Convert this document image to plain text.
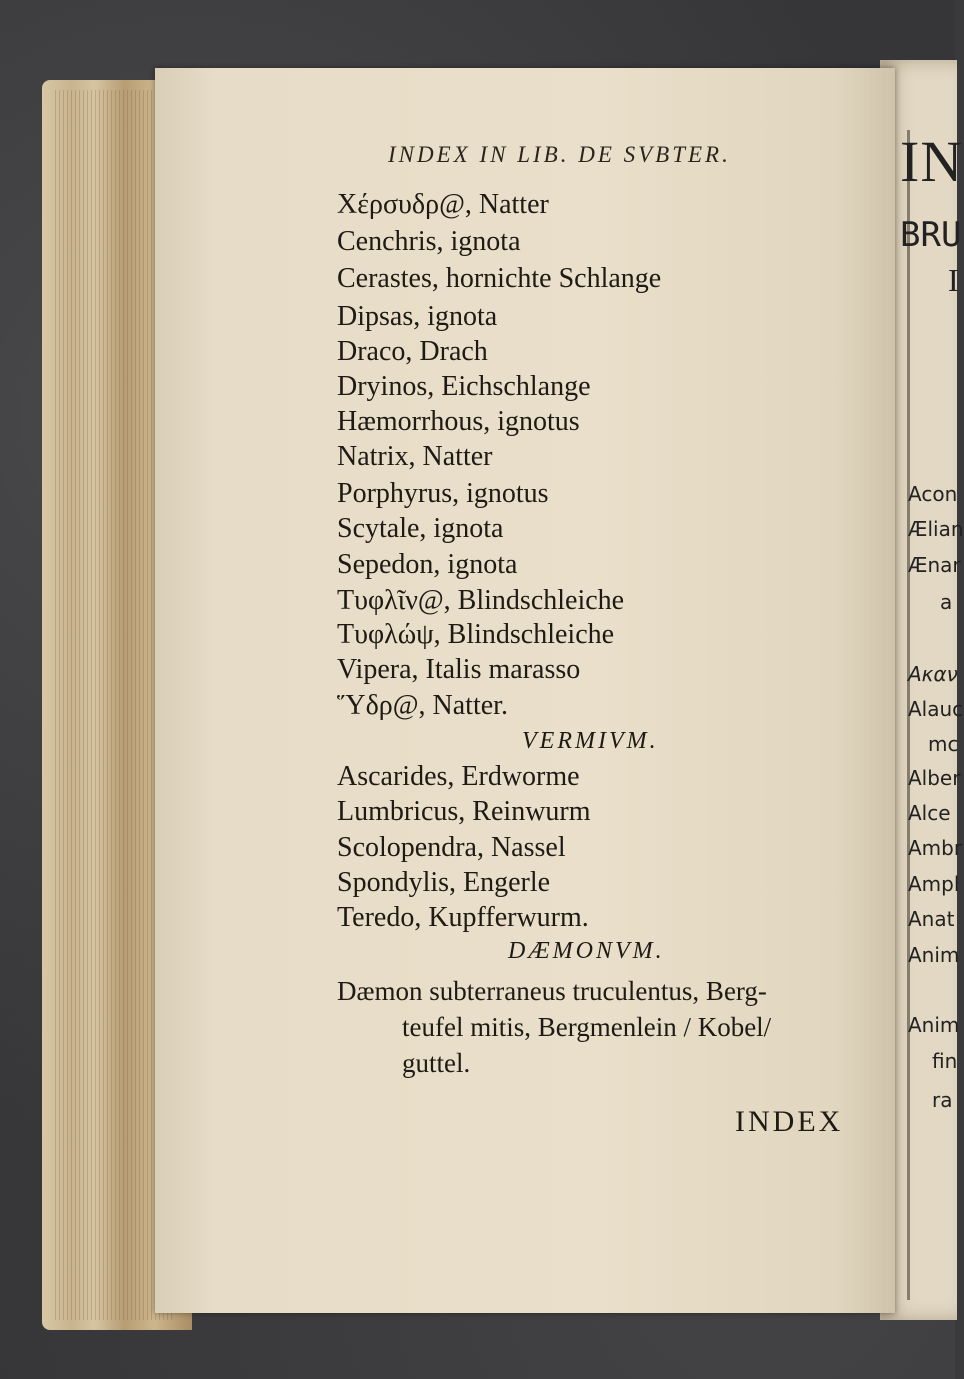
IN
BRU
I
Acon
Ælian
Ænar
a
Ακαν
Alauc
mc
Alber
Alce
Ambr
Ampl
Anat
Anim
Anim
fin
ra
INDEX IN LIB. DE SVBTER.
Χέρσυδρ@, Natter
Cenchris, ignota
Cerastes, hornichte Schlange
Dipsas, ignota
Draco, Drach
Dryinos, Eichschlange
Hæmorrhous, ignotus
Natrix, Natter
Porphyrus, ignotus
Scytale, ignota
Sepedon, ignota
Τυφλῖν@, Blindschleiche
Τυφλώψ, Blindschleiche
Vipera, Italis marasso
Ὕδρ@, Natter.
VERMIVM.
Ascarides, Erdworme
Lumbricus, Reinwurm
Scolopendra, Nassel
Spondylis, Engerle
Teredo, Kupfferwurm.
DÆMONVM.
Dæmon subterraneus truculentus, Berg-
teufel mitis, Bergmenlein / Kobel/
guttel.
INDEX
